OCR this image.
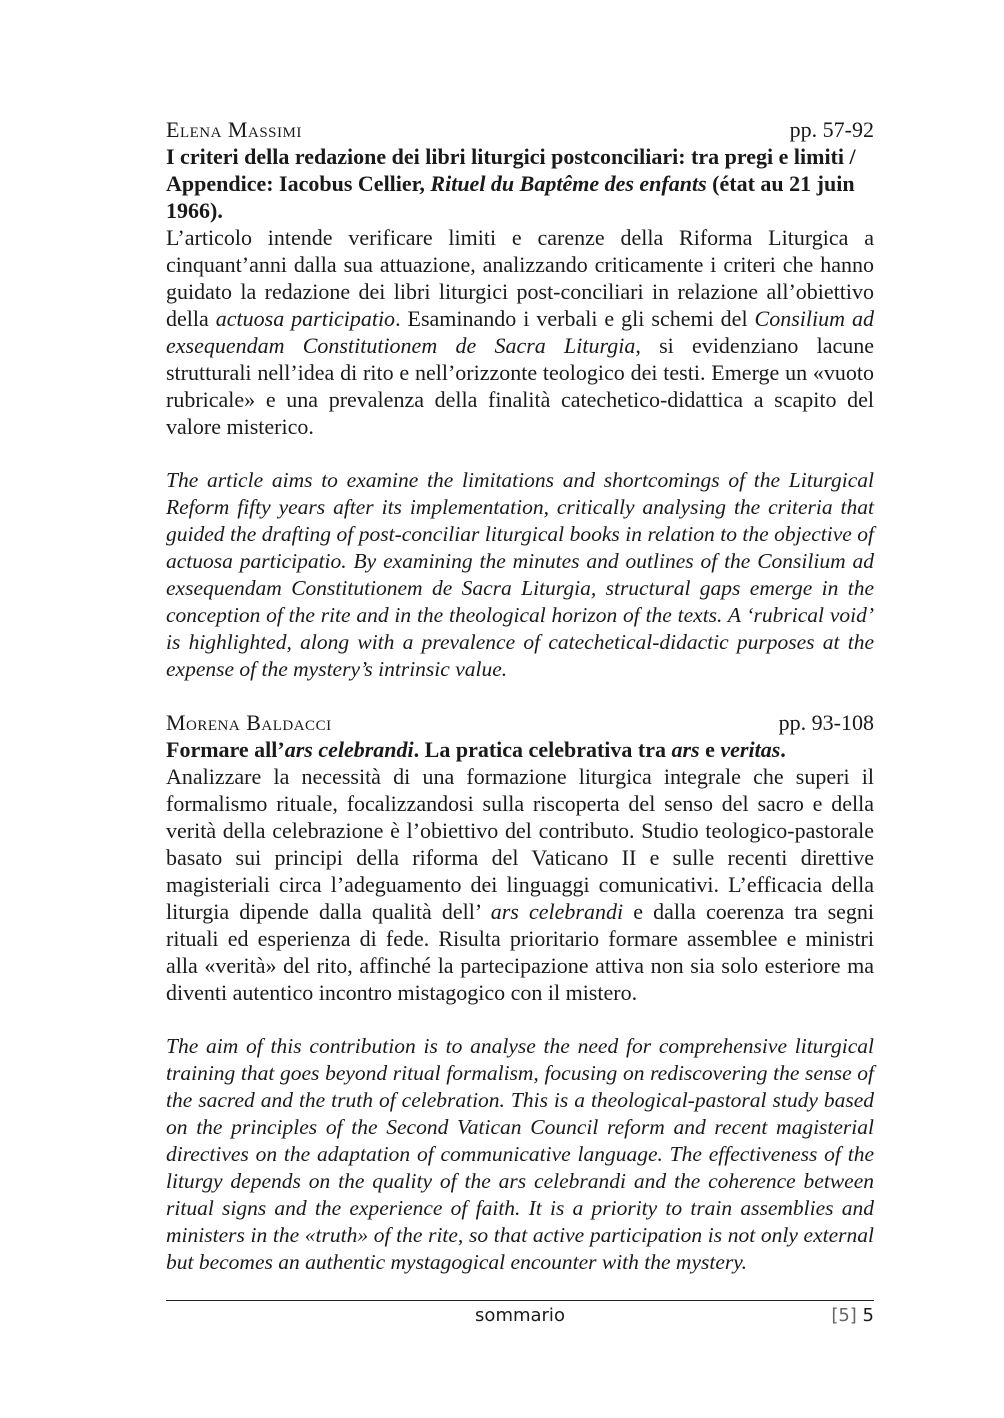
Elena Massimi	pp. 57-92
I criteri della redazione dei libri liturgici postconciliari: tra pregi e limiti / Appendice: Iacobus Cellier, Rituel du Baptême des enfants (état au 21 juin 1966).

L’articolo intende verificare limiti e carenze della Riforma Liturgica a cinquant’anni dalla sua attuazione, analizzando criticamente i criteri che hanno guidato la redazione dei libri liturgici post-conciliari in relazione all’obiettivo della actuosa participatio. Esaminando i verbali e gli schemi del Consilium ad exsequendam Constitutionem de Sacra Liturgia, si evidenziano lacune strutturali nell’idea di rito e nell’orizzonte teologico dei testi. Emerge un «vuoto rubricale» e una prevalenza della finalità catechetico-didattica a scapito del valore misterico.

The article aims to examine the limitations and shortcomings of the Liturgical Reform fifty years after its implementation, critically analysing the criteria that guided the drafting of post-conciliar liturgical books in relation to the objective of actuosa participatio. By examining the minutes and outlines of the Consilium ad exsequendam Constitutionem de Sacra Liturgia, structural gaps emerge in the conception of the rite and in the theological horizon of the texts. A ‘rubrical void’ is highlighted, along with a prevalence of catechetical-didactic purposes at the expense of the mystery’s intrinsic value.

Morena Baldacci	pp. 93-108
Formare all’ars celebrandi. La pratica celebrativa tra ars e veritas.

Analizzare la necessità di una formazione liturgica integrale che superi il formalismo rituale, focalizzandosi sulla riscoperta del senso del sacro e della verità della celebrazione è l’obiettivo del contributo. Studio teologico-pastorale basato sui principi della riforma del Vaticano II e sulle recenti direttive magisteriali circa l’adeguamento dei linguaggi comunicativi. L’efficacia della liturgia dipende dalla qualità dell’ ars celebrandi e dalla coerenza tra segni rituali ed esperienza di fede. Risulta prioritario formare assemblee e ministri alla «verità» del rito, affinché la partecipazione attiva non sia solo esteriore ma diventi autentico incontro mistagogico con il mistero.

The aim of this contribution is to analyse the need for comprehensive liturgical training that goes beyond ritual formalism, focusing on rediscovering the sense of the sacred and the truth of celebration. This is a theological-pastoral study based on the principles of the Second Vatican Council reform and recent magisterial directives on the adaptation of communicative language. The effectiveness of the liturgy depends on the quality of the ars celebrandi and the coherence between ritual signs and the experience of faith. It is a priority to train assemblies and ministers in the «truth» of the rite, so that active participation is not only external but becomes an authentic mystagogical encounter with the mystery.

sommario	[5] 5
